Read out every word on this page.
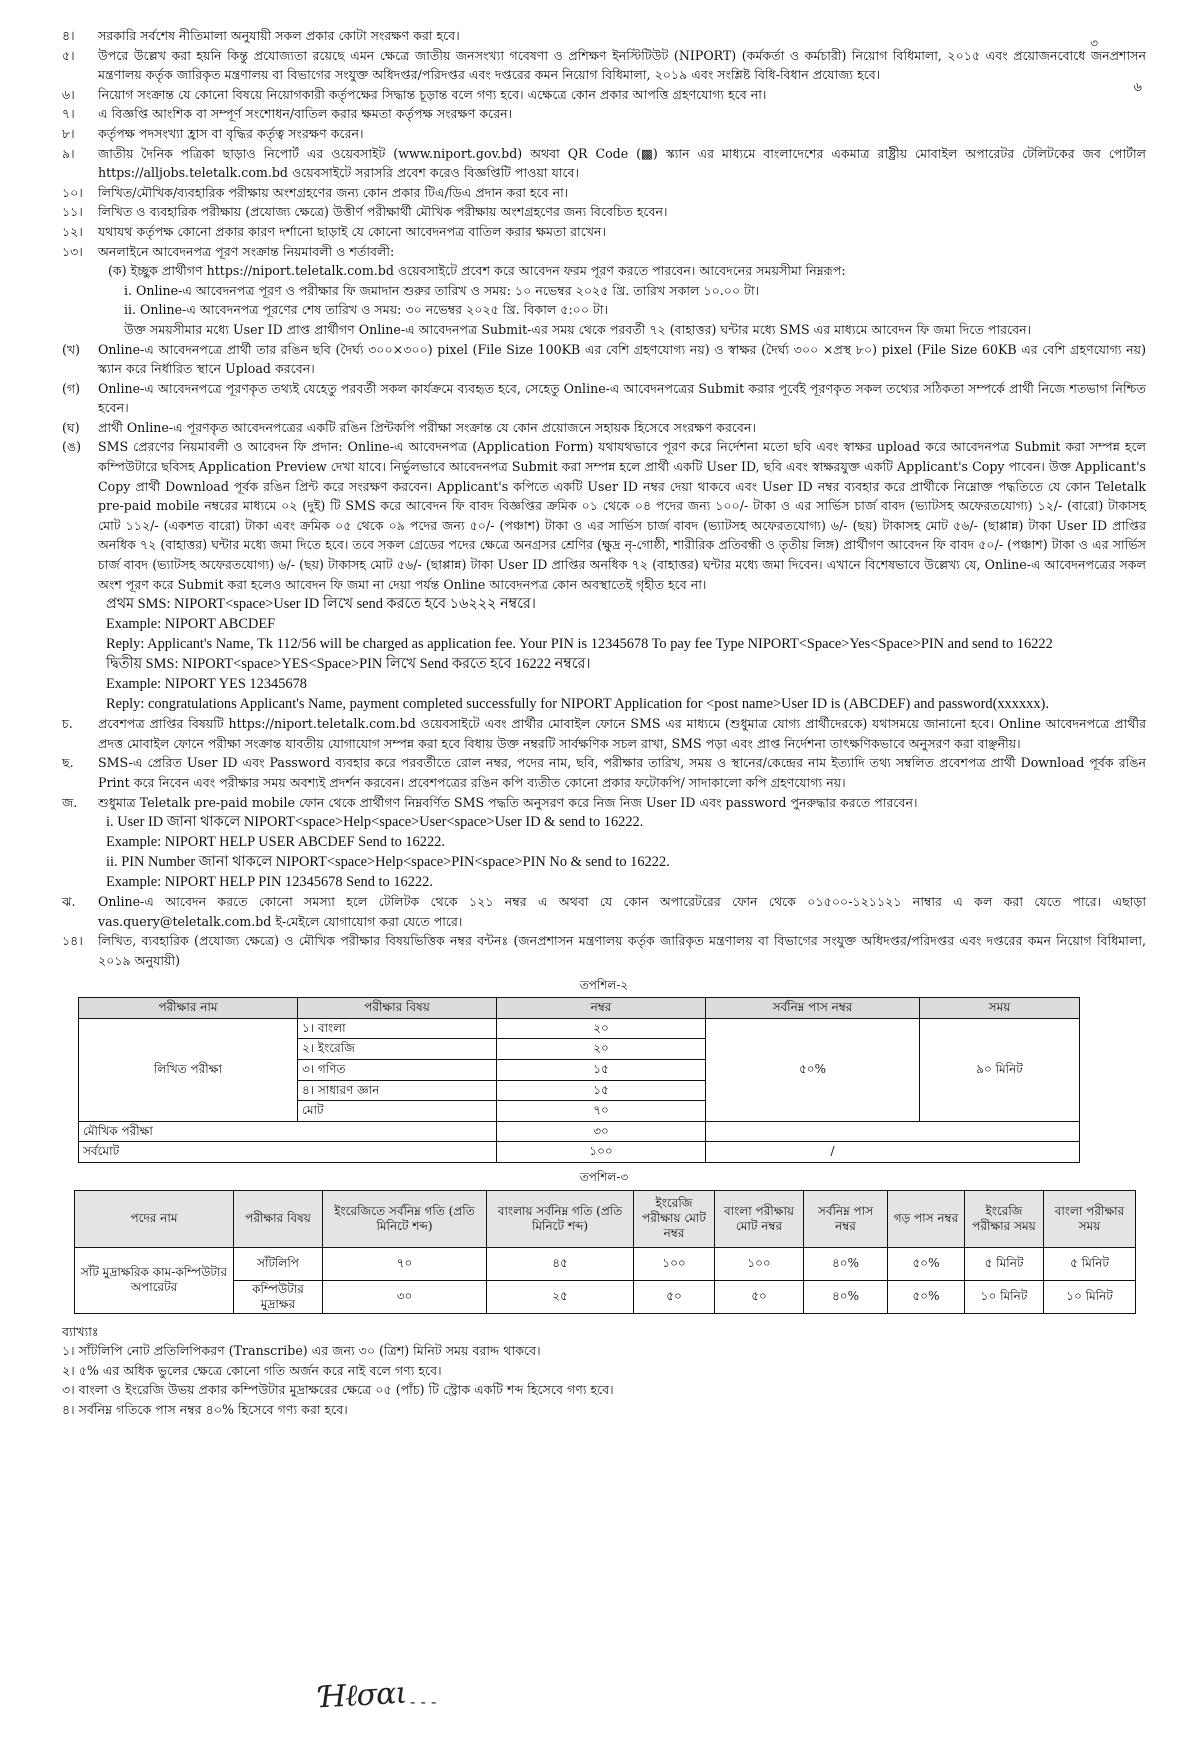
৩
৬
৪।	সরকারি সর্বশেষ নীতিমালা অনুযায়ী সকল প্রকার কোটা সংরক্ষণ করা হবে।
৫।	উপরে উল্লেখ করা হয়নি কিন্তু প্রযোজ্যতা রয়েছে এমন ক্ষেত্রে জাতীয় জনসংখ্যা গবেষণা ও প্রশিক্ষণ ইনস্টিটিউট (NIPORT) (কর্মকর্তা ও কর্মচারী) নিয়োগ বিধিমালা, ২০১৫ এবং প্রয়োজনবোধে জনপ্রশাসন মন্ত্রণালয় কর্তৃক জারিকৃত মন্ত্রণালয় বা বিভাগের সংযুক্ত অধিদপ্তর/পরিদপ্তর এবং দপ্তরের কমন নিয়োগ বিধিমালা, ২০১৯ এবং সংশ্লিষ্ট বিধি-বিধান প্রযোজ্য হবে।
৬।	নিয়োগ সংক্রান্ত যে কোনো বিষয়ে নিয়োগকারী কর্তৃপক্ষের সিদ্ধান্ত চূড়ান্ত বলে গণ্য হবে। এক্ষেত্রে কোন প্রকার আপত্তি গ্রহণযোগ্য হবে না।
৭।	এ বিজ্ঞপ্তি আংশিক বা সম্পূর্ণ সংশোধন/বাতিল করার ক্ষমতা কর্তৃপক্ষ সংরক্ষণ করেন।
৮।	কর্তৃপক্ষ পদসংখ্যা হ্রাস বা বৃদ্ধির কর্তৃত্ব সংরক্ষণ করেন।
৯।	জাতীয় দৈনিক পত্রিকা ছাড়াও নিপোর্ট এর ওয়েবসাইট (www.niport.gov.bd) অথবা QR Code (▩) স্ক্যান এর মাধ্যমে বাংলাদেশের একমাত্র রাষ্ট্রীয় মোবাইল অপারেটর টেলিটকের জব পোর্টাল https://alljobs.teletalk.com.bd ওয়েবসাইটে সরাসরি প্রবেশ করেও বিজ্ঞপ্তিটি পাওয়া যাবে।
১০।	লিখিত/মৌখিক/ব্যবহারিক পরীক্ষায় অংশগ্রহণের জন্য কোন প্রকার টিএ/ডিএ প্রদান করা হবে না।
১১।	লিখিত ও ব্যবহারিক পরীক্ষায় (প্রযোজ্য ক্ষেত্রে) উত্তীর্ণ পরীক্ষার্থী মৌখিক পরীক্ষায় অংশগ্রহণের জন্য বিবেচিত হবেন।
১২।	যথাযথ কর্তৃপক্ষ কোনো প্রকার কারণ দর্শানো ছাড়াই যে কোনো আবেদনপত্র বাতিল করার ক্ষমতা রাখেন।
১৩।	অনলাইনে আবেদনপত্র পূরণ সংক্রান্ত নিয়মাবলী ও শর্তাবলী:
(ক) ইচ্ছুক প্রার্থীগণ https://niport.teletalk.com.bd ওয়েবসাইটে প্রবেশ করে আবেদন ফরম পূরণ করতে পারবেন। আবেদনের সময়সীমা নিম্নরূপ:
i. Online-এ আবেদনপত্র পূরণ ও পরীক্ষার ফি জমাদান শুরুর তারিখ ও সময়: ১০ নভেম্বর ২০২৫ খ্রি. তারিখ সকাল ১০.০০ টা।
ii. Online-এ আবেদনপত্র পূরণের শেষ তারিখ ও সময়: ৩০ নভেম্বর ২০২৫ খ্রি. বিকাল ৫:০০ টা।
উক্ত সময়সীমার মধ্যে User ID প্রাপ্ত প্রার্থীগণ Online-এ আবেদনপত্র Submit-এর সময় থেকে পরবর্তী ৭২ (বাহাত্তর) ঘন্টার মধ্যে SMS এর মাধ্যমে আবেদন ফি জমা দিতে পারবেন।
(খ)	Online-এ আবেদনপত্রে প্রার্থী তার রঙিন ছবি (দৈর্ঘ্য ৩০০×৩০০) pixel (File Size 100KB এর বেশি গ্রহণযোগ্য নয়) ও স্বাক্ষর (দৈর্ঘ্য ৩০০ ×প্রস্থ ৮০) pixel (File Size 60KB এর বেশি গ্রহণযোগ্য নয়) স্ক্যান করে নির্ধারিত স্থানে Upload করবেন।
(গ)	Online-এ আবেদনপত্রে পূরণকৃত তথ্যই যেহেতু পরবর্তী সকল কার্যক্রমে ব্যবহৃত হবে, সেহেতু Online-এ আবেদনপত্রের Submit করার পূর্বেই পূরণকৃত সকল তথ্যের সঠিকতা সম্পর্কে প্রার্থী নিজে শতভাগ নিশ্চিত হবেন।
(ঘ)	প্রার্থী Online-এ পূরণকৃত আবেদনপত্রের একটি রঙিন প্রিন্টকপি পরীক্ষা সংক্রান্ত যে কোন প্রয়োজনে সহায়ক হিসেবে সংরক্ষণ করবেন।
(ঙ)	SMS প্রেরণের নিয়মাবলী ও আবেদন ফি প্রদান: Online-এ আবেদনপত্র (Application Form) যথাযথভাবে পূরণ করে নির্দেশনা মতো ছবি এবং স্বাক্ষর upload করে আবেদনপত্র Submit করা সম্পন্ন হলে কম্পিউটারে ছবিসহ Application Preview দেখা যাবে। নির্ভুলভাবে আবেদনপত্র Submit করা সম্পন্ন হলে প্রার্থী একটি User ID, ছবি এবং স্বাক্ষরযুক্ত একটি Applicant's Copy পাবেন। উক্ত Applicant's Copy প্রার্থী Download পূর্বক রঙিন প্রিন্ট করে সংরক্ষণ করবেন। Applicant's কপিতে একটি User ID নম্বর দেয়া থাকবে এবং User ID নম্বর ব্যবহার করে প্রার্থীকে নিম্নোক্ত পদ্ধতিতে যে কোন Teletalk pre-paid mobile নম্বরের মাধ্যমে ০২ (দুই) টি SMS করে আবেদন ফি বাবদ বিজ্ঞপ্তির ক্রমিক ০১ থেকে ০৪ পদের জন্য ১০০/- টাকা ও এর সার্ভিস চার্জ বাবদ (ভ্যাটসহ অফেরতযোগ্য) ১২/- (বারো) টাকাসহ মোট ১১২/- (একশত বারো) টাকা এবং ক্রমিক ০৫ থেকে ০৯ পদের জন্য ৫০/- (পঞ্চাশ) টাকা ও এর সার্ভিস চার্জ বাবদ (ভ্যাটসহ অফেরতযোগ্য) ৬/- (ছয়) টাকাসহ মোট ৫৬/- (ছাপ্পান্ন) টাকা User ID প্রাপ্তির অনধিক ৭২ (বাহাত্তর) ঘন্টার মধ্যে জমা দিতে হবে। তবে সকল গ্রেডের পদের ক্ষেত্রে অনগ্রসর শ্রেণির (ক্ষুদ্র নৃ-গোষ্ঠী, শারীরিক প্রতিবন্ধী ও তৃতীয় লিঙ্গ) প্রার্থীগণ আবেদন ফি বাবদ ৫০/- (পঞ্চাশ) টাকা ও এর সার্ভিস চার্জ বাবদ (ভ্যাটসহ অফেরতযোগ্য) ৬/- (ছয়) টাকাসহ মোট ৫৬/- (ছাপ্পান্ন) টাকা User ID প্রাপ্তির অনধিক ৭২ (বাহাত্তর) ঘন্টার মধ্যে জমা দিবেন। এখানে বিশেষভাবে উল্লেখ্য যে, Online-এ আবেদনপত্রের সকল অংশ পূরণ করে Submit করা হলেও আবেদন ফি জমা না দেয়া পর্যন্ত Online আবেদনপত্র কোন অবস্থাতেই গৃহীত হবে না।
প্রথম SMS: NIPORT<space>User ID লিখে send করতে হবে ১৬২২২ নম্বরে।
Example: NIPORT ABCDEF
Reply: Applicant's Name, Tk 112/56 will be charged as application fee. Your PIN is 12345678 To pay fee Type NIPORT<Space>Yes<Space>PIN and send to 16222
দ্বিতীয় SMS: NIPORT<space>YES<Space>PIN লিখে Send করতে হবে 16222 নম্বরে।
Example: NIPORT YES 12345678
Reply: congratulations Applicant's Name, payment completed successfully for NIPORT Application for <post name>User ID is (ABCDEF) and password(xxxxxx).
চ.	প্রবেশপত্র প্রাপ্তির বিষয়টি https://niport.teletalk.com.bd ওয়েবসাইটে এবং প্রার্থীর মোবাইল ফোনে SMS এর মাধ্যমে (শুধুমাত্র যোগ্য প্রার্থীদেরকে) যথাসময়ে জানানো হবে। Online আবেদনপত্রে প্রার্থীর প্রদত্ত মোবাইল ফোনে পরীক্ষা সংক্রান্ত যাবতীয় যোগাযোগ সম্পন্ন করা হবে বিধায় উক্ত নম্বরটি সার্বক্ষণিক সচল রাখা, SMS পড়া এবং প্রাপ্ত নির্দেশনা তাৎক্ষণিকভাবে অনুসরণ করা বাঞ্ছনীয়।
ছ.	SMS-এ প্রেরিত User ID এবং Password ব্যবহার করে পরবর্তীতে রোল নম্বর, পদের নাম, ছবি, পরীক্ষার তারিখ, সময় ও স্থানের/কেন্দ্রের নাম ইত্যাদি তথ্য সম্বলিত প্রবেশপত্র প্রার্থী Download পূর্বক রঙিন Print করে নিবেন এবং পরীক্ষার সময় অবশ্যই প্রদর্শন করবেন। প্রবেশপত্রের রঙিন কপি ব্যতীত কোনো প্রকার ফটোকপি/ সাদাকালো কপি গ্রহণযোগ্য নয়।
জ.	শুধুমাত্র Teletalk pre-paid mobile ফোন থেকে প্রার্থীগণ নিম্নবর্ণিত SMS পদ্ধতি অনুসরণ করে নিজ নিজ User ID এবং password পুনরুদ্ধার করতে পারবেন।
i. User ID জানা থাকলে NIPORT<space>Help<space>User<space>User ID & send to 16222.
Example: NIPORT HELP USER ABCDEF Send to 16222.
ii. PIN Number জানা থাকলে NIPORT<space>Help<space>PIN<space>PIN No & send to 16222.
Example: NIPORT HELP PIN 12345678 Send to 16222.
ঝ.	Online-এ আবেদন করতে কোনো সমস্যা হলে টেলিটক থেকে ১২১ নম্বর এ অথবা যে কোন অপারেটরের ফোন থেকে ০১৫০০-১২১১২১ নাম্বার এ কল করা যেতে পারে। এছাড়া vas.query@teletalk.com.bd ই-মেইলে যোগাযোগ করা যেতে পারে।
১৪।	লিখিত, ব্যবহারিক (প্রযোজ্য ক্ষেত্রে) ও মৌখিক পরীক্ষার বিষয়ভিত্তিক নম্বর বন্টনঃ (জনপ্রশাসন মন্ত্রণালয় কর্তৃক জারিকৃত মন্ত্রণালয় বা বিভাগের সংযুক্ত অধিদপ্তর/পরিদপ্তর এবং দপ্তরের কমন নিয়োগ বিধিমালা, ২০১৯ অনুযায়ী)
তপশিল-২
পরীক্ষার নাম	পরীক্ষার বিষয়	নম্বর	সর্বনিম্ন পাস নম্বর	সময়
লিখিত পরীক্ষা	১। বাংলা	২০	৫০%	৯০ মিনিট
	২। ইংরেজি	২০		
	৩। গণিত	১৫		
	৪। সাধারণ জ্ঞান	১৫		
	মোট	৭০		
মৌখিক পরীক্ষা		৩০		
সর্বমোট		১০০	/	
তপশিল-৩
পদের নাম	পরীক্ষার বিষয়	ইংরেজিতে সর্বনিম্ন গতি (প্রতি মিনিটে শব্দ)	বাংলায় সর্বনিম্ন গতি (প্রতি মিনিটে শব্দ)	ইংরেজি পরীক্ষায় মোট নম্বর	বাংলা পরীক্ষায় মোট নম্বর	সর্বনিম্ন পাস নম্বর	গড় পাস নম্বর	ইংরেজি পরীক্ষার সময়	বাংলা পরীক্ষার সময়
সাঁট মুদ্রাক্ষরিক কাম-কম্পিউটার অপারেটর	সাঁটলিপি	৭০	৪৫	১০০	১০০	৪০%	৫০%	৫ মিনিট	৫ মিনিট
	কম্পিউটার মুদ্রাক্ষর	৩০	২৫	৫০	৫০	৪০%	৫০%	১০ মিনিট	১০ মিনিট
ব্যাখ্যাঃ
১। সাঁটলিপি নোট প্রতিলিপিকরণ (Transcribe) এর জন্য ৩০ (ত্রিশ) মিনিট সময় বরাদ্দ থাকবে।
২। ৫% এর অধিক ভুলের ক্ষেত্রে কোনো গতি অর্জন করে নাই বলে গণ্য হবে।
৩। বাংলা ও ইংরেজি উভয় প্রকার কম্পিউটার মুদ্রাক্ষরের ক্ষেত্রে ০৫ (পাঁচ) টি স্ট্রোক একটি শব্দ হিসেবে গণ্য হবে।
৪। সর্বনিম্ন গতিকে পাস নম্বর ৪০% হিসেবে গণ্য করা হবে।
Ɦℓσαι - - -
